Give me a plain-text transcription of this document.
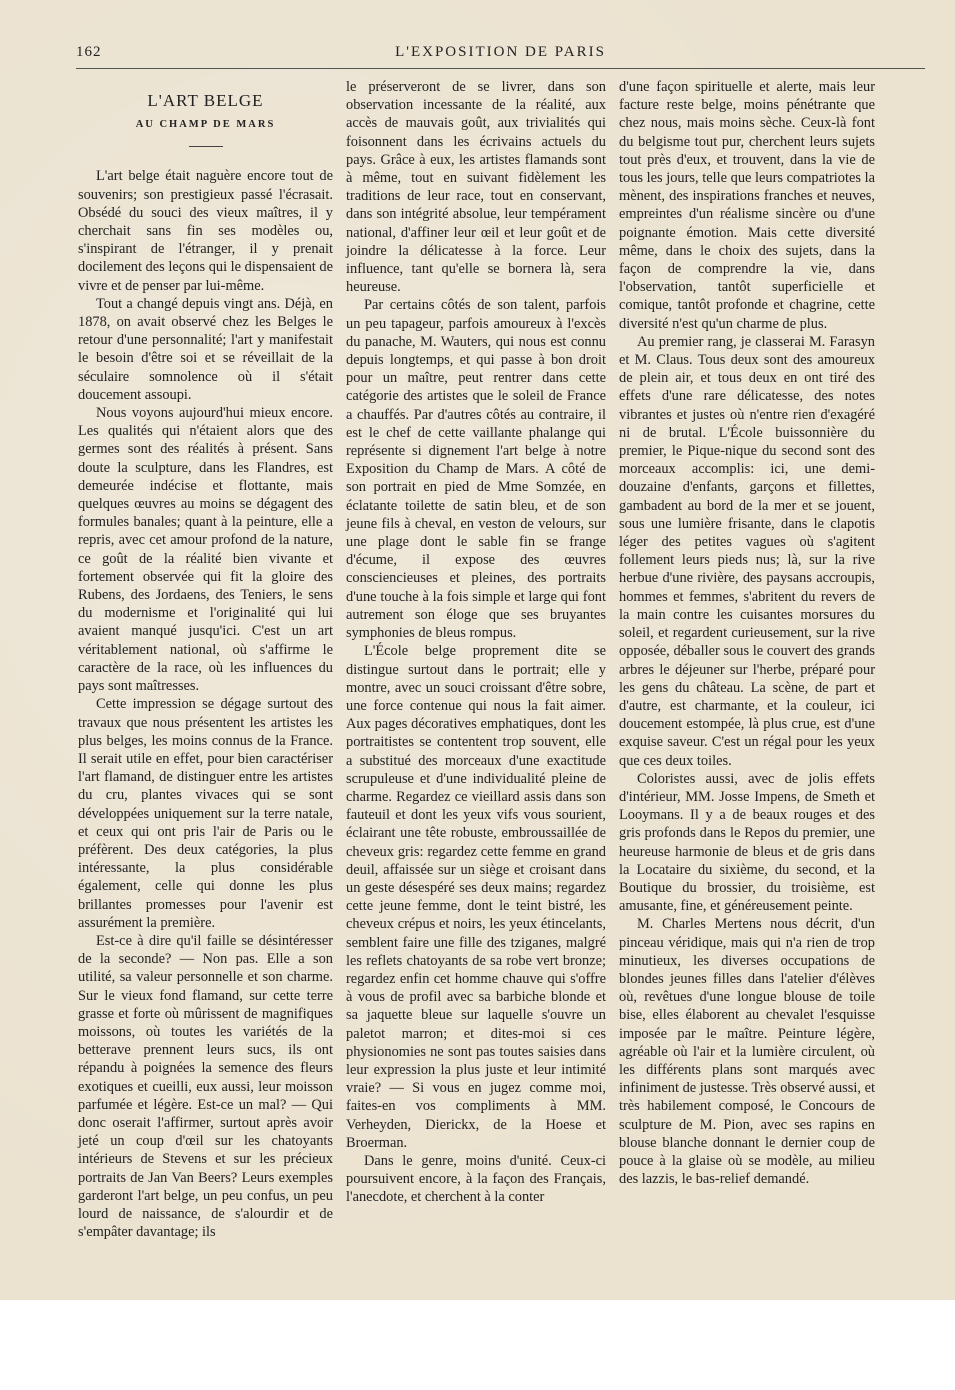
162	L'EXPOSITION DE PARIS
L'ART BELGE
AU CHAMP DE MARS

L'art belge était naguère encore tout de souvenirs; son prestigieux passé l'écrasait. Obsédé du souci des vieux maîtres, il y cherchait sans fin ses modèles ou, s'inspirant de l'étranger, il y prenait docilement des leçons qui le dispensaient de vivre et de penser par lui-même.

Tout a changé depuis vingt ans. Déjà, en 1878, on avait observé chez les Belges le retour d'une personnalité; l'art y manifestait le besoin d'être soi et se réveillait de la séculaire somnolence où il s'était doucement assoupi.

Nous voyons aujourd'hui mieux encore. Les qualités qui n'étaient alors que des germes sont des réalités à présent. Sans doute la sculpture, dans les Flandres, est demeurée indécise et flottante, mais quelques œuvres au moins se dégagent des formules banales; quant à la peinture, elle a repris, avec cet amour profond de la nature, ce goût de la réalité bien vivante et fortement observée qui fit la gloire des Rubens, des Jordaens, des Teniers, le sens du modernisme et l'originalité qui lui avaient manqué jusqu'ici. C'est un art véritablement national, où s'affirme le caractère de la race, où les influences du pays sont maîtresses.

Cette impression se dégage surtout des travaux que nous présentent les artistes les plus belges, les moins connus de la France. Il serait utile en effet, pour bien caractériser l'art flamand, de distinguer entre les artistes du cru, plantes vivaces qui se sont développées uniquement sur la terre natale, et ceux qui ont pris l'air de Paris ou le préfèrent. Des deux catégories, la plus intéressante, la plus considérable également, celle qui donne les plus brillantes promesses pour l'avenir est assurément la première.

Est-ce à dire qu'il faille se désintéresser de la seconde? — Non pas. Elle a son utilité, sa valeur personnelle et son charme. Sur le vieux fond flamand, sur cette terre grasse et forte où mûrissent de magnifiques moissons, où toutes les variétés de la betterave prennent leurs sucs, ils ont répandu à poignées la semence des fleurs exotiques et cueilli, eux aussi, leur moisson parfumée et légère. Est-ce un mal? — Qui donc oserait l'affirmer, surtout après avoir jeté un coup d'œil sur les chatoyants intérieurs de Stevens et sur les précieux portraits de Jan Van Beers? Leurs exemples garderont l'art belge, un peu confus, un peu lourd de naissance, de s'alourdir et de s'empâter davantage; ils

le préserveront de se livrer, dans son observation incessante de la réalité, aux accès de mauvais goût, aux trivialités qui foisonnent dans les écrivains actuels du pays. Grâce à eux, les artistes flamands sont à même, tout en suivant fidèlement les traditions de leur race, tout en conservant, dans son intégrité absolue, leur tempérament national, d'affiner leur œil et leur goût et de joindre la délicatesse à la force. Leur influence, tant qu'elle se bornera là, sera heureuse.

Par certains côtés de son talent, parfois un peu tapageur, parfois amoureux à l'excès du panache, M. Wauters, qui nous est connu depuis longtemps, et qui passe à bon droit pour un maître, peut rentrer dans cette catégorie des artistes que le soleil de France a chauffés. Par d'autres côtés au contraire, il est le chef de cette vaillante phalange qui représente si dignement l'art belge à notre Exposition du Champ de Mars. A côté de son portrait en pied de Mme Somzée, en éclatante toilette de satin bleu, et de son jeune fils à cheval, en veston de velours, sur une plage dont le sable fin se frange d'écume, il expose des œuvres consciencieuses et pleines, des portraits d'une touche à la fois simple et large qui font autrement son éloge que ses bruyantes symphonies de bleus rompus.

L'École belge proprement dite se distingue surtout dans le portrait; elle y montre, avec un souci croissant d'être sobre, une force contenue qui nous la fait aimer. Aux pages décoratives emphatiques, dont les portraitistes se contentent trop souvent, elle a substitué des morceaux d'une exactitude scrupuleuse et d'une individualité pleine de charme. Regardez ce vieillard assis dans son fauteuil et dont les yeux vifs vous sourient, éclairant une tête robuste, embroussaillée de cheveux gris: regardez cette femme en grand deuil, affaissée sur un siège et croisant dans un geste désespéré ses deux mains; regardez cette jeune femme, dont le teint bistré, les cheveux crépus et noirs, les yeux étincelants, semblent faire une fille des tziganes, malgré les reflets chatoyants de sa robe vert bronze; regardez enfin cet homme chauve qui s'offre à vous de profil avec sa barbiche blonde et sa jaquette bleue sur laquelle s'ouvre un paletot marron; et dites-moi si ces physionomies ne sont pas toutes saisies dans leur expression la plus juste et leur intimité vraie? — Si vous en jugez comme moi, faites-en vos compliments à MM. Verheyden, Dierickx, de la Hoese et Broerman.

Dans le genre, moins d'unité. Ceux-ci poursuivent encore, à la façon des Français, l'anecdote, et cherchent à la conter

d'une façon spirituelle et alerte, mais leur facture reste belge, moins pénétrante que chez nous, mais moins sèche. Ceux-là font du belgisme tout pur, cherchent leurs sujets tout près d'eux, et trouvent, dans la vie de tous les jours, telle que leurs compatriotes la mènent, des inspirations franches et neuves, empreintes d'un réalisme sincère ou d'une poignante émotion. Mais cette diversité même, dans le choix des sujets, dans la façon de comprendre la vie, dans l'observation, tantôt superficielle et comique, tantôt profonde et chagrine, cette diversité n'est qu'un charme de plus.

Au premier rang, je classerai M. Farasyn et M. Claus. Tous deux sont des amoureux de plein air, et tous deux en ont tiré des effets d'une rare délicatesse, des notes vibrantes et justes où n'entre rien d'exagéré ni de brutal. L'École buissonnière du premier, le Pique-nique du second sont des morceaux accomplis: ici, une demi-douzaine d'enfants, garçons et fillettes, gambadent au bord de la mer et se jouent, sous une lumière frisante, dans le clapotis léger des petites vagues où s'agitent follement leurs pieds nus; là, sur la rive herbue d'une rivière, des paysans accroupis, hommes et femmes, s'abritent du revers de la main contre les cuisantes morsures du soleil, et regardent curieusement, sur la rive opposée, déballer sous le couvert des grands arbres le déjeuner sur l'herbe, préparé pour les gens du château. La scène, de part et d'autre, est charmante, et la couleur, ici doucement estompée, là plus crue, est d'une exquise saveur. C'est un régal pour les yeux que ces deux toiles.

Coloristes aussi, avec de jolis effets d'intérieur, MM. Josse Impens, de Smeth et Looymans. Il y a de beaux rouges et des gris profonds dans le Repos du premier, une heureuse harmonie de bleus et de gris dans la Locataire du sixième, du second, et la Boutique du brossier, du troisième, est amusante, fine, et généreusement peinte.

M. Charles Mertens nous décrit, d'un pinceau véridique, mais qui n'a rien de trop minutieux, les diverses occupations de blondes jeunes filles dans l'atelier d'élèves où, revêtues d'une longue blouse de toile bise, elles élaborent au chevalet l'esquisse imposée par le maître. Peinture légère, agréable où l'air et la lumière circulent, où les différents plans sont marqués avec infiniment de justesse. Très observé aussi, et très habilement composé, le Concours de sculpture de M. Pion, avec ses rapins en blouse blanche donnant le dernier coup de pouce à la glaise où se modèle, au milieu des lazzis, le bas-relief demandé.
